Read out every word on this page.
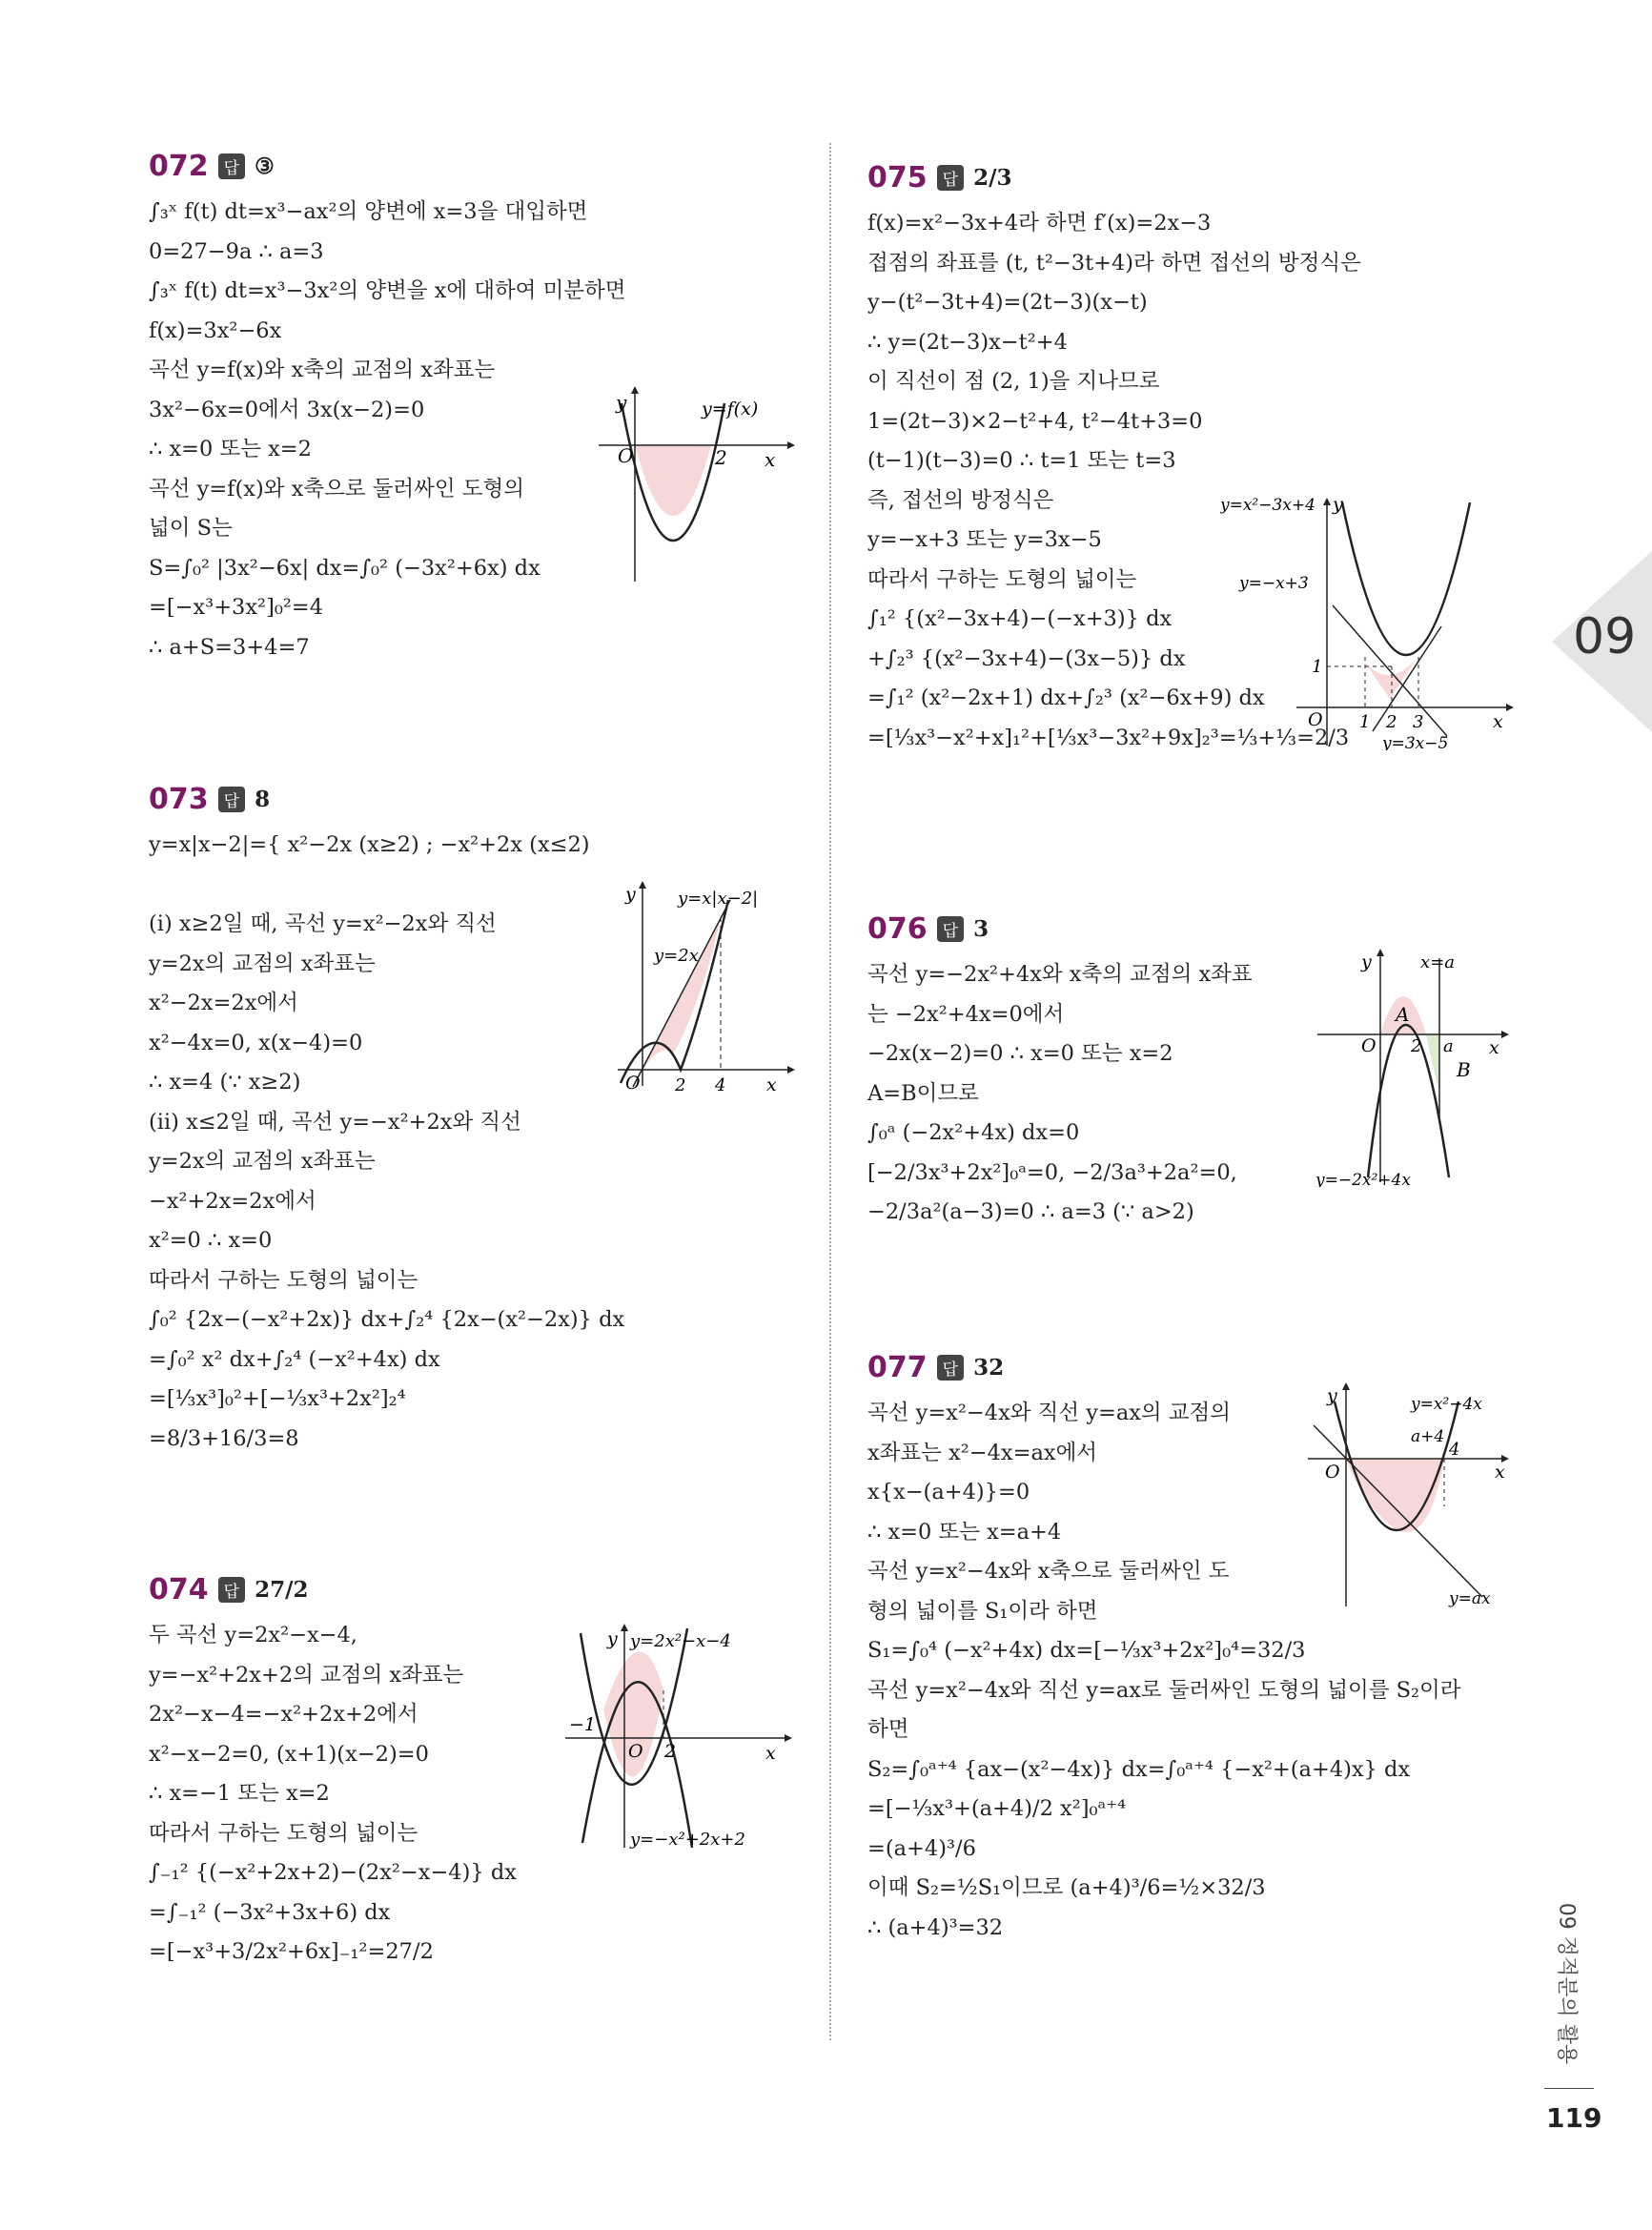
072 답 ③
∫₃ˣ f(t) dt=x³−ax²의 양변에 x=3을 대입하면
0=27−9a ∴ a=3
∫₃ˣ f(t) dt=x³−3x²의 양변을 x에 대하여 미분하면
f(x)=3x²−6x
곡선 y=f(x)와 x축의 교점의 x좌표는
3x²−6x=0에서 3x(x−2)=0
∴ x=0 또는 x=2
곡선 y=f(x)와 x축으로 둘러싸인 도형의
넓이 S는
S=∫₀² |3x²−6x| dx=∫₀² (−3x²+6x) dx
=[−x³+3x²]₀²=4
∴ a+S=3+4=7
O	2 x
y	y=f(x)
073 답 8
y=x|x−2|={ x²−2x (x≥2) ; −x²+2x (x≤2)
(ⅰ) x≥2일 때, 곡선 y=x²−2x와 직선
y=2x의 교점의 x좌표는
x²−2x=2x에서
x²−4x=0, x(x−4)=0
∴ x=4 (∵ x≥2)
(ⅱ) x≤2일 때, 곡선 y=−x²+2x와 직선
y=2x의 교점의 x좌표는
−x²+2x=2x에서
x²=0 ∴ x=0
따라서 구하는 도형의 넓이는
∫₀² {2x−(−x²+2x)} dx+∫₂⁴ {2x−(x²−2x)} dx
=∫₀² x² dx+∫₂⁴ (−x²+4x) dx
=[⅓x³]₀²+[−⅓x³+2x²]₂⁴
=8/3+16/3=8
O 2 4 x
y y=x|x−2|
y=2x
074 답 27/2
두 곡선 y=2x²−x−4,
y=−x²+2x+2의 교점의 x좌표는
2x²−x−4=−x²+2x+2에서
x²−x−2=0, (x+1)(x−2)=0
∴ x=−1 또는 x=2
따라서 구하는 도형의 넓이는
∫₋₁² {(−x²+2x+2)−(2x²−x−4)} dx
=∫₋₁² (−3x²+3x+6) dx
=[−x³+3/2x²+6x]₋₁²=27/2
−1
O 2	x
y y=2x²−x−4
y=−x²+2x+2
075 답 2/3
f(x)=x²−3x+4라 하면 f′(x)=2x−3
접점의 좌표를 (t, t²−3t+4)라 하면 접선의 방정식은
y−(t²−3t+4)=(2t−3)(x−t)
∴ y=(2t−3)x−t²+4
이 직선이 점 (2, 1)을 지나므로
1=(2t−3)×2−t²+4, t²−4t+3=0
(t−1)(t−3)=0 ∴ t=1 또는 t=3
즉, 접선의 방정식은
y=−x+3 또는 y=3x−5
따라서 구하는 도형의 넓이는
∫₁² {(x²−3x+4)−(−x+3)} dx
+∫₂³ {(x²−3x+4)−(3x−5)} dx
=∫₁² (x²−2x+1) dx+∫₂³ (x²−6x+9) dx
=[⅓x³−x²+x]₁²+[⅓x³−3x²+9x]₂³=⅓+⅓=2/3
O 1 2 3
1
x
y
y=x²−3x+4
y=−x+3
y=3x−5
076 답 3
곡선 y=−2x²+4x와 x축의 교점의 x좌표
는 −2x²+4x=0에서
−2x(x−2)=0 ∴ x=0 또는 x=2
A=B이므로
∫₀ᵃ (−2x²+4x) dx=0
[−2/3x³+2x²]₀ᵃ=0, −2/3a³+2a²=0,
−2/3a²(a−3)=0 ∴ a=3 (∵ a>2)
O 2 a x
y	x=a
A
B
y=−2x²+4x
077 답 32
곡선 y=x²−4x와 직선 y=ax의 교점의
x좌표는 x²−4x=ax에서
x{x−(a+4)}=0
∴ x=0 또는 x=a+4
곡선 y=x²−4x와 x축으로 둘러싸인 도
형의 넓이를 S₁이라 하면
S₁=∫₀⁴ (−x²+4x) dx=[−⅓x³+2x²]₀⁴=32/3
곡선 y=x²−4x와 직선 y=ax로 둘러싸인 도형의 넓이를 S₂이라
하면
S₂=∫₀ᵃ⁺⁴ {ax−(x²−4x)} dx=∫₀ᵃ⁺⁴ {−x²+(a+4)x} dx
=[−⅓x³+(a+4)/2 x²]₀ᵃ⁺⁴
=(a+4)³/6
이때 S₂=½S₁이므로 (a+4)³/6=½×32/3
∴ (a+4)³=32
O
4
x
y	y=x²−4x
a+4
y=ax
09
09 정적분의 활용
119
